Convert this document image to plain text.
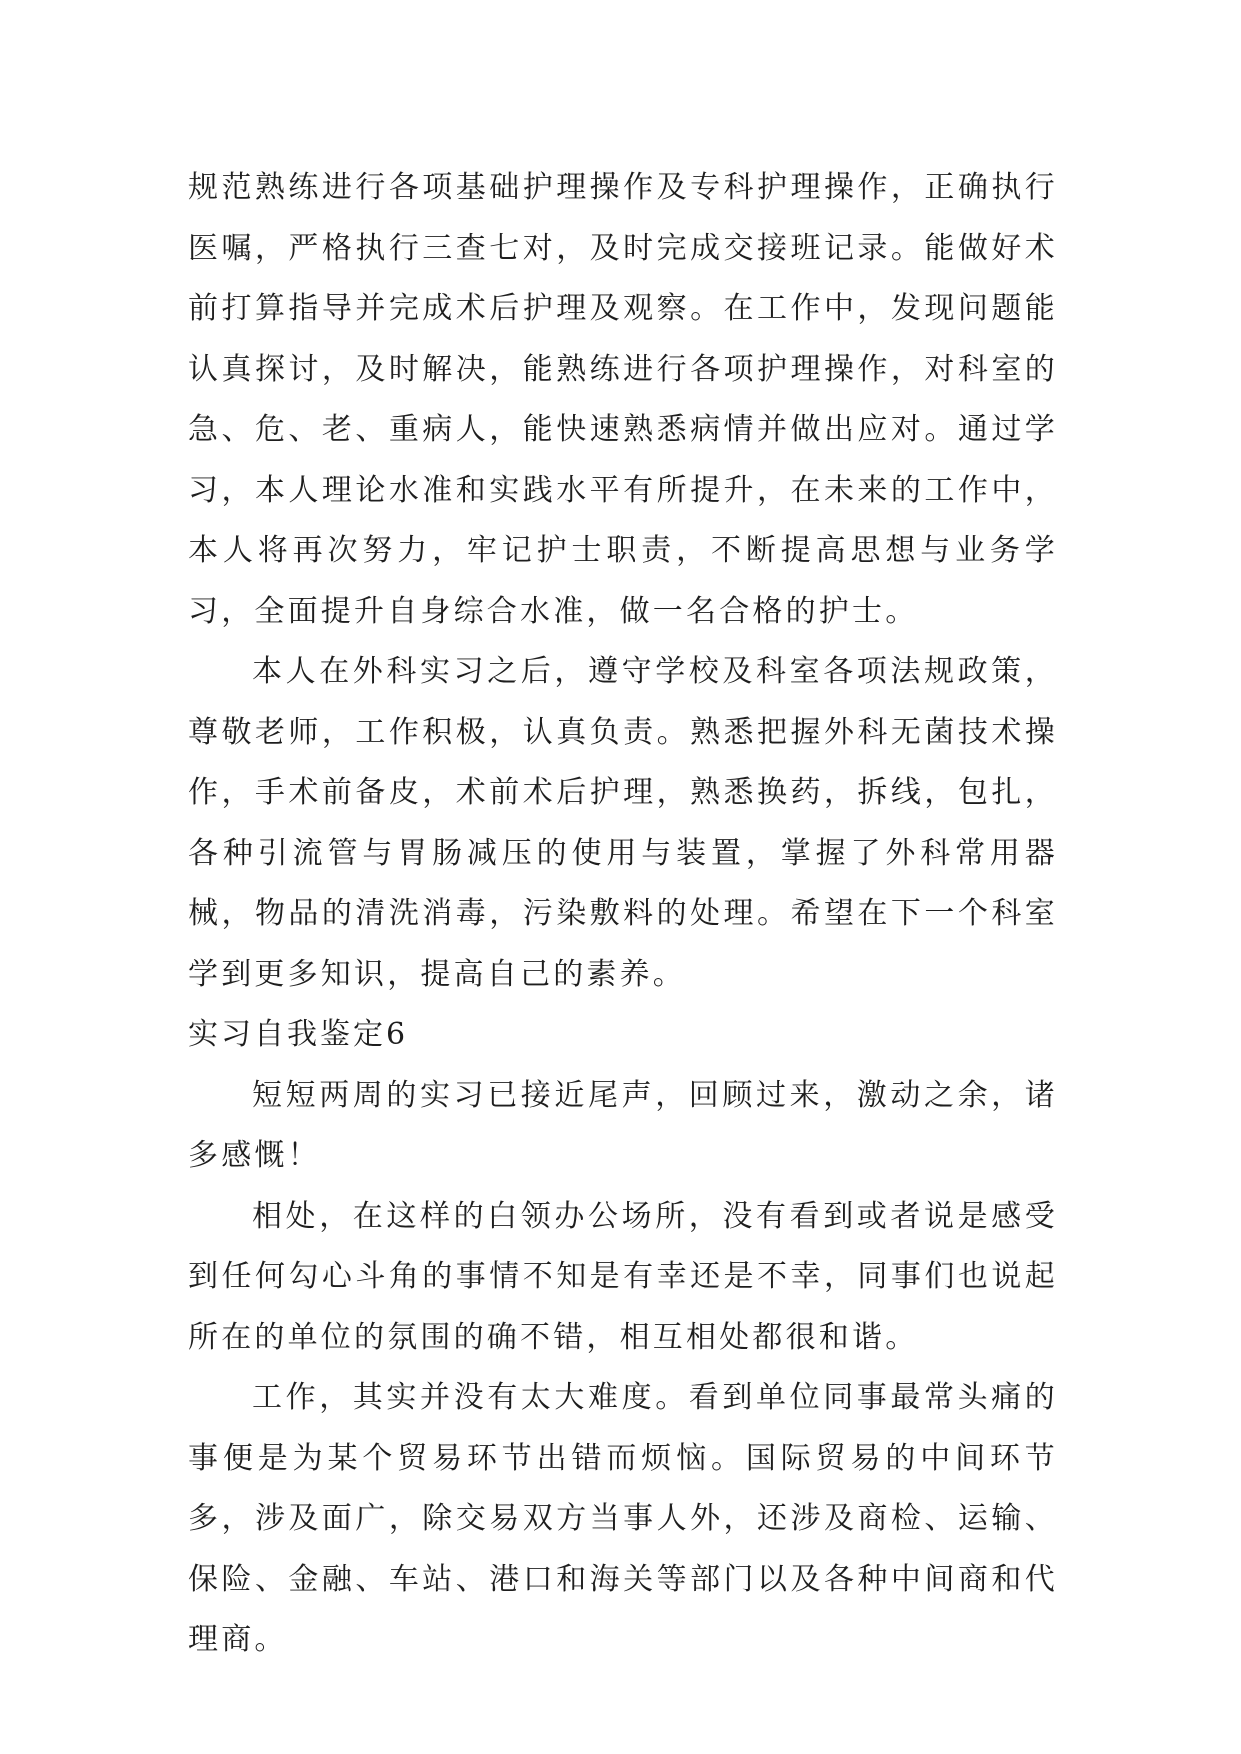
规范熟练进行各项基础护理操作及专科护理操作，正确执行医嘱，严格执行三查七对，及时完成交接班记录。能做好术前打算指导并完成术后护理及观察。在工作中，发现问题能认真探讨，及时解决，能熟练进行各项护理操作，对科室的急、危、老、重病人，能快速熟悉病情并做出应对。通过学习，本人理论水准和实践水平有所提升，在未来的工作中，本人将再次努力，牢记护士职责，不断提高思想与业务学习，全面提升自身综合水准，做一名合格的护士。

本人在外科实习之后，遵守学校及科室各项法规政策，尊敬老师，工作积极，认真负责。熟悉把握外科无菌技术操作，手术前备皮，术前术后护理，熟悉换药，拆线，包扎，各种引流管与胃肠减压的使用与装置，掌握了外科常用器械，物品的清洗消毒，污染敷料的处理。希望在下一个科室学到更多知识，提高自己的素养。

实习自我鉴定6

短短两周的实习已接近尾声，回顾过来，激动之余，诸多感慨！

相处，在这样的白领办公场所，没有看到或者说是感受到任何勾心斗角的事情不知是有幸还是不幸，同事们也说起所在的单位的氛围的确不错，相互相处都很和谐。

工作，其实并没有太大难度。看到单位同事最常头痛的事便是为某个贸易环节出错而烦恼。国际贸易的中间环节多，涉及面广，除交易双方当事人外，还涉及商检、运输、保险、金融、车站、港口和海关等部门以及各种中间商和代理商。
